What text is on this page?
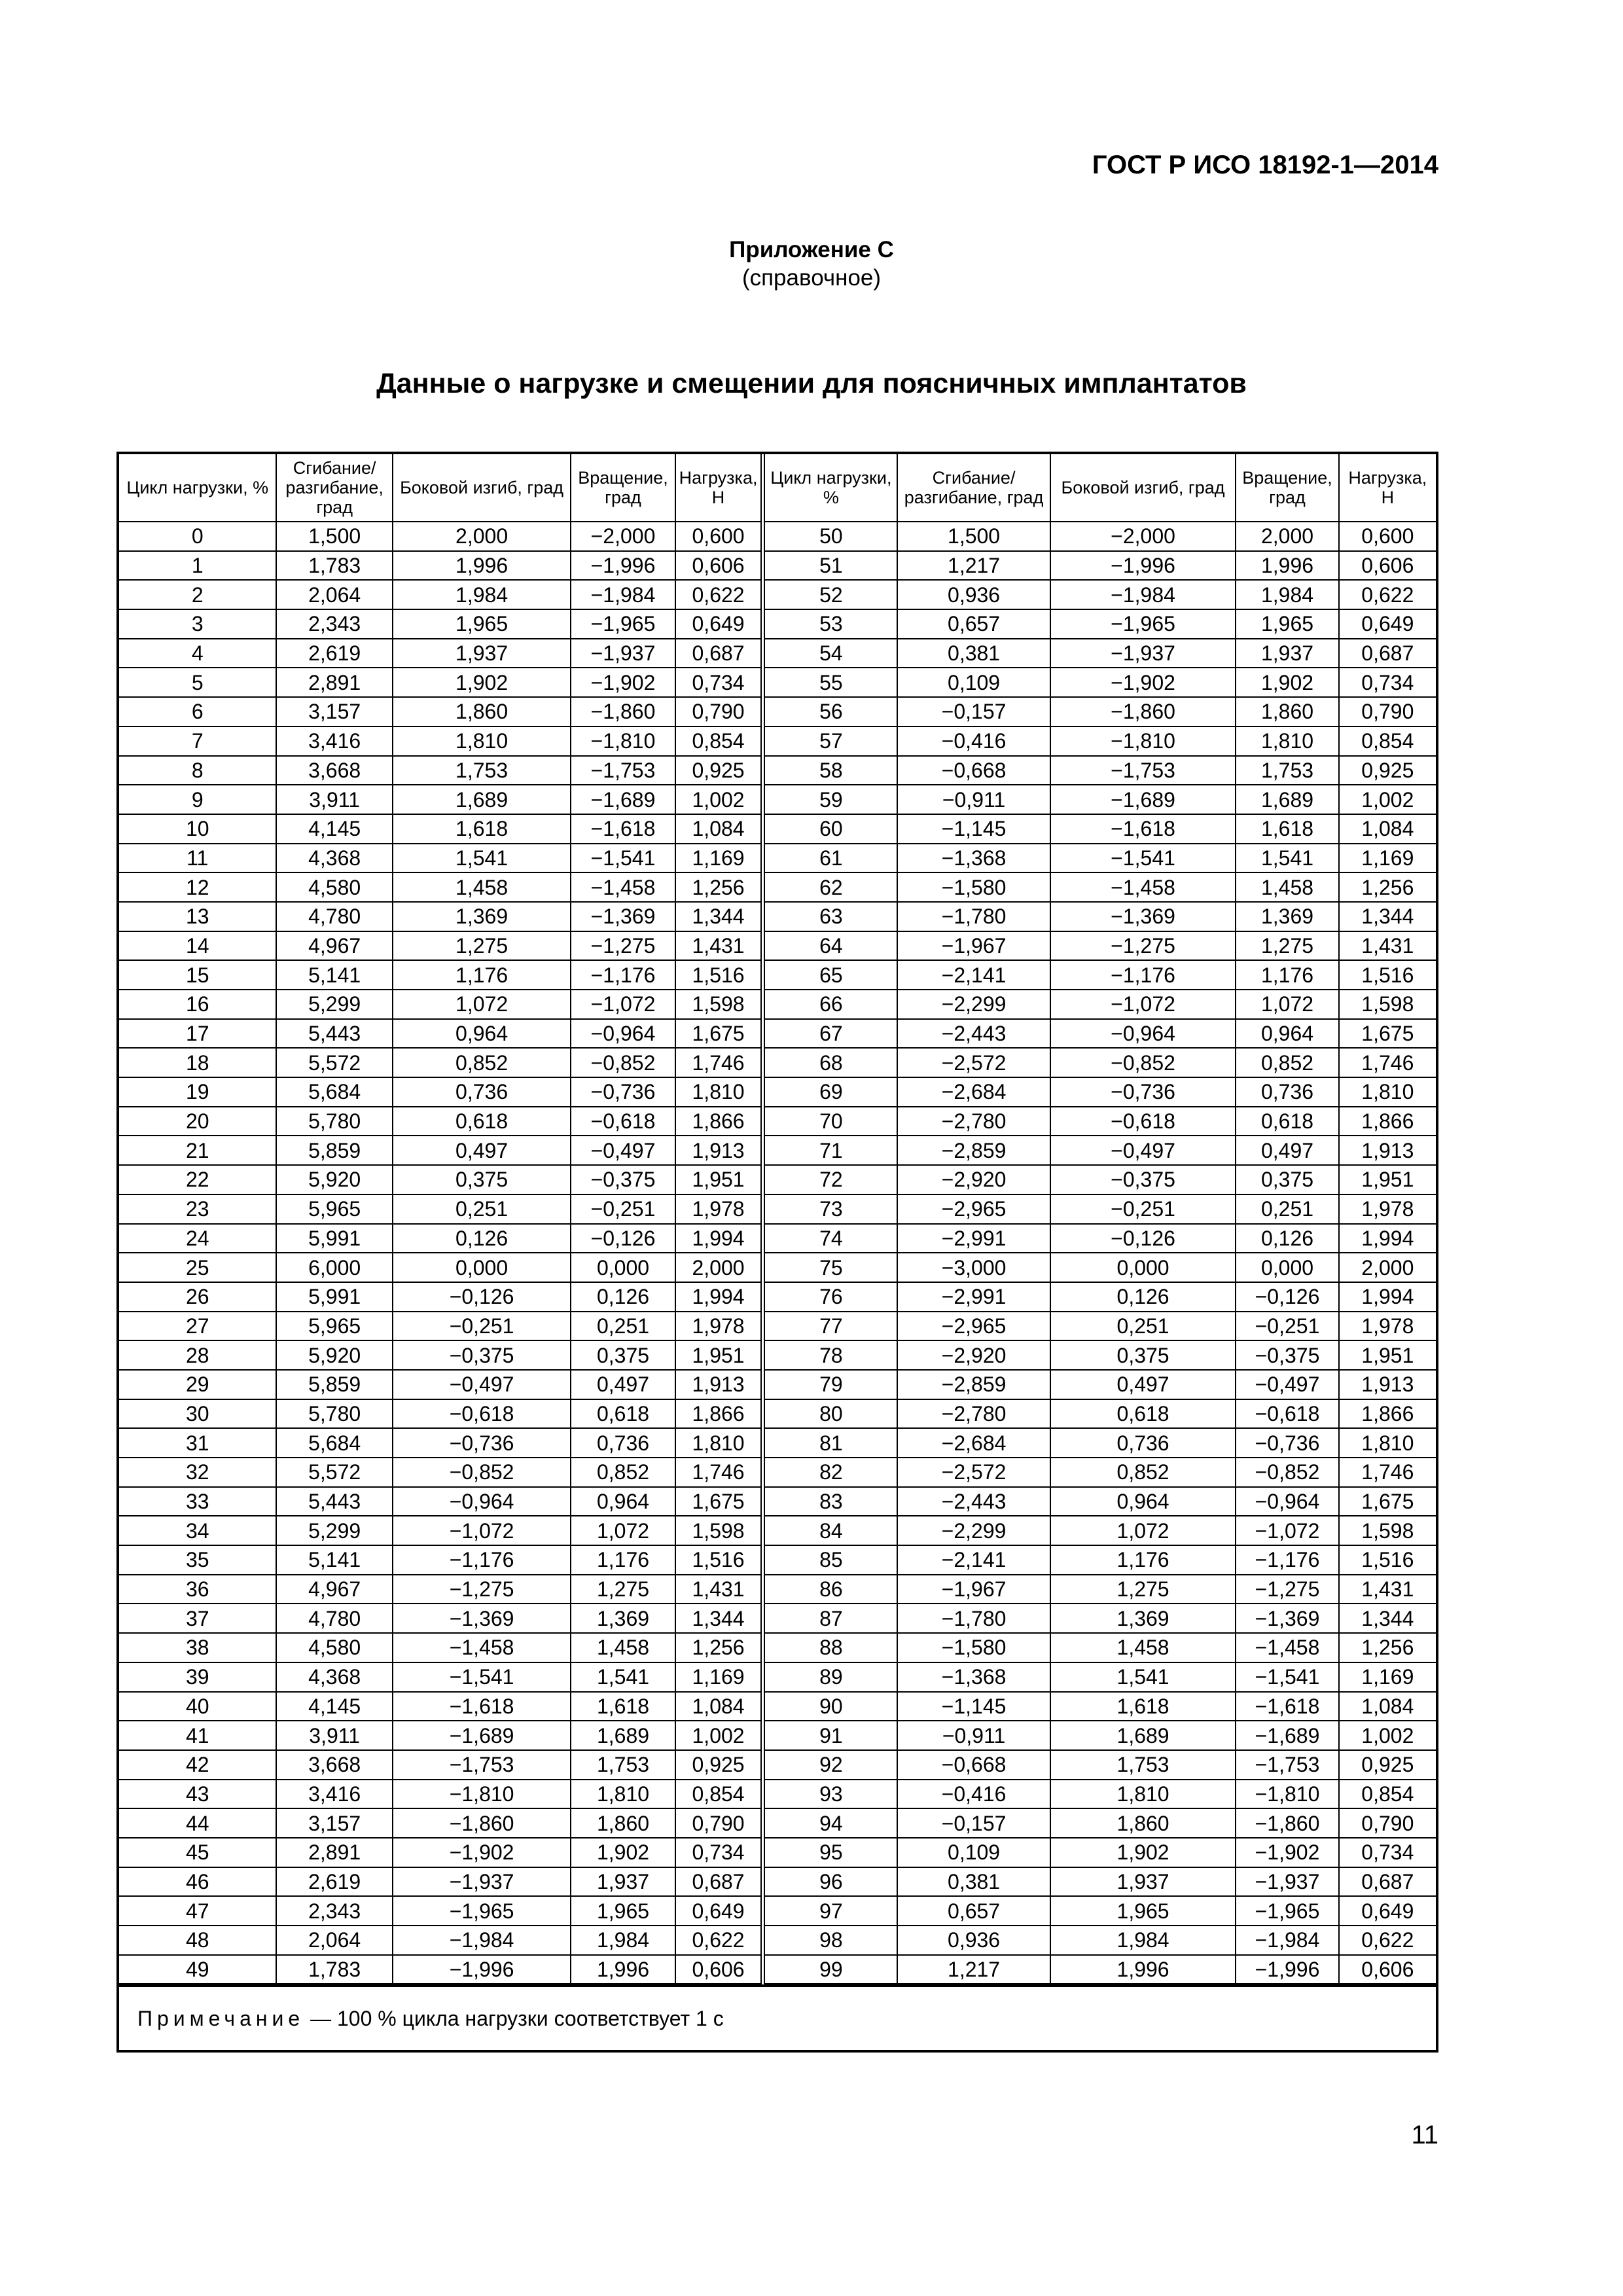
ГОСТ Р ИСО 18192-1—2014
Приложение С
(справочное)
Данные о нагрузке и смещении для поясничных имплантатов
Цикл нагрузки, %	Сгибание/ разгибание, град	Боковой изгиб, град	Вращение, град	Нагрузка, Н	Цикл нагрузки, %	Сгибание/ разгибание, град	Боковой изгиб, град	Вращение, град	Нагрузка, Н
0	1,500	2,000	−2,000	0,600	50	1,500	−2,000	2,000	0,600
1	1,783	1,996	−1,996	0,606	51	1,217	−1,996	1,996	0,606
2	2,064	1,984	−1,984	0,622	52	0,936	−1,984	1,984	0,622
3	2,343	1,965	−1,965	0,649	53	0,657	−1,965	1,965	0,649
4	2,619	1,937	−1,937	0,687	54	0,381	−1,937	1,937	0,687
5	2,891	1,902	−1,902	0,734	55	0,109	−1,902	1,902	0,734
6	3,157	1,860	−1,860	0,790	56	−0,157	−1,860	1,860	0,790
7	3,416	1,810	−1,810	0,854	57	−0,416	−1,810	1,810	0,854
8	3,668	1,753	−1,753	0,925	58	−0,668	−1,753	1,753	0,925
9	3,911	1,689	−1,689	1,002	59	−0,911	−1,689	1,689	1,002
10	4,145	1,618	−1,618	1,084	60	−1,145	−1,618	1,618	1,084
11	4,368	1,541	−1,541	1,169	61	−1,368	−1,541	1,541	1,169
12	4,580	1,458	−1,458	1,256	62	−1,580	−1,458	1,458	1,256
13	4,780	1,369	−1,369	1,344	63	−1,780	−1,369	1,369	1,344
14	4,967	1,275	−1,275	1,431	64	−1,967	−1,275	1,275	1,431
15	5,141	1,176	−1,176	1,516	65	−2,141	−1,176	1,176	1,516
16	5,299	1,072	−1,072	1,598	66	−2,299	−1,072	1,072	1,598
17	5,443	0,964	−0,964	1,675	67	−2,443	−0,964	0,964	1,675
18	5,572	0,852	−0,852	1,746	68	−2,572	−0,852	0,852	1,746
19	5,684	0,736	−0,736	1,810	69	−2,684	−0,736	0,736	1,810
20	5,780	0,618	−0,618	1,866	70	−2,780	−0,618	0,618	1,866
21	5,859	0,497	−0,497	1,913	71	−2,859	−0,497	0,497	1,913
22	5,920	0,375	−0,375	1,951	72	−2,920	−0,375	0,375	1,951
23	5,965	0,251	−0,251	1,978	73	−2,965	−0,251	0,251	1,978
24	5,991	0,126	−0,126	1,994	74	−2,991	−0,126	0,126	1,994
25	6,000	0,000	0,000	2,000	75	−3,000	0,000	0,000	2,000
26	5,991	−0,126	0,126	1,994	76	−2,991	0,126	−0,126	1,994
27	5,965	−0,251	0,251	1,978	77	−2,965	0,251	−0,251	1,978
28	5,920	−0,375	0,375	1,951	78	−2,920	0,375	−0,375	1,951
29	5,859	−0,497	0,497	1,913	79	−2,859	0,497	−0,497	1,913
30	5,780	−0,618	0,618	1,866	80	−2,780	0,618	−0,618	1,866
31	5,684	−0,736	0,736	1,810	81	−2,684	0,736	−0,736	1,810
32	5,572	−0,852	0,852	1,746	82	−2,572	0,852	−0,852	1,746
33	5,443	−0,964	0,964	1,675	83	−2,443	0,964	−0,964	1,675
34	5,299	−1,072	1,072	1,598	84	−2,299	1,072	−1,072	1,598
35	5,141	−1,176	1,176	1,516	85	−2,141	1,176	−1,176	1,516
36	4,967	−1,275	1,275	1,431	86	−1,967	1,275	−1,275	1,431
37	4,780	−1,369	1,369	1,344	87	−1,780	1,369	−1,369	1,344
38	4,580	−1,458	1,458	1,256	88	−1,580	1,458	−1,458	1,256
39	4,368	−1,541	1,541	1,169	89	−1,368	1,541	−1,541	1,169
40	4,145	−1,618	1,618	1,084	90	−1,145	1,618	−1,618	1,084
41	3,911	−1,689	1,689	1,002	91	−0,911	1,689	−1,689	1,002
42	3,668	−1,753	1,753	0,925	92	−0,668	1,753	−1,753	0,925
43	3,416	−1,810	1,810	0,854	93	−0,416	1,810	−1,810	0,854
44	3,157	−1,860	1,860	0,790	94	−0,157	1,860	−1,860	0,790
45	2,891	−1,902	1,902	0,734	95	0,109	1,902	−1,902	0,734
46	2,619	−1,937	1,937	0,687	96	0,381	1,937	−1,937	0,687
47	2,343	−1,965	1,965	0,649	97	0,657	1,965	−1,965	0,649
48	2,064	−1,984	1,984	0,622	98	0,936	1,984	−1,984	0,622
49	1,783	−1,996	1,996	0,606	99	1,217	1,996	−1,996	0,606
Примечание — 100 % цикла нагрузки соответствует 1 с
11
